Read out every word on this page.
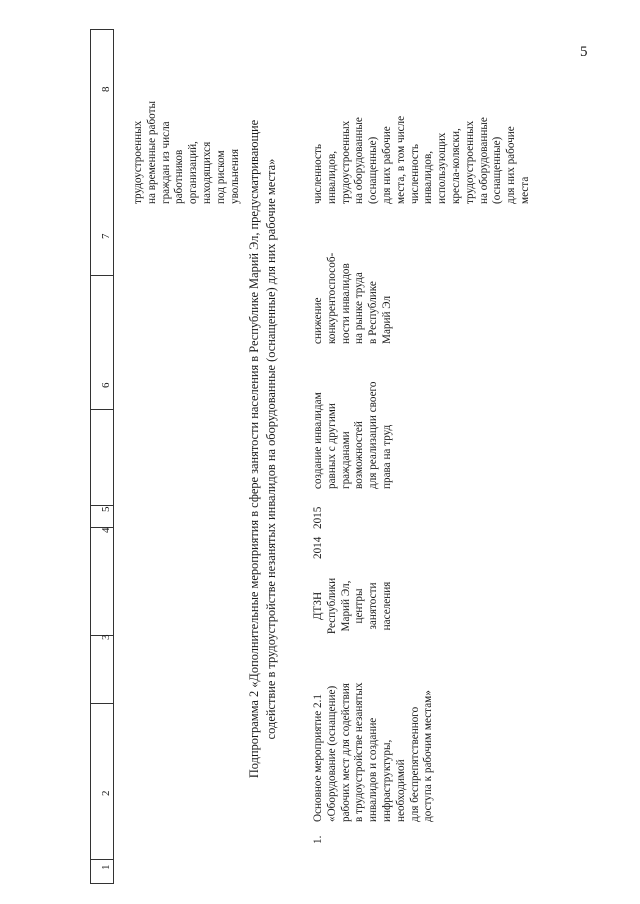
5
1
2
3
4
5
6
7
8
трудоустроенных на временные работы граждан из числа работников организаций, находящихся под риском увольнения Подпрограмма 2 «Дополнительные мероприятия в сфере занятости населения в Республике Марий Эл, предусматривающие содействие в трудоустройстве незанятых инвалидов на оборудованные (оснащенные) для них рабочие места»
1.
Основное мероприятие 2.1 «Оборудование (оснащение) рабочих мест для содействия в трудоустройстве незанятых инвалидов и создание инфраструктуры, необходимой для беспрепятственного доступа к рабочим местам»
ДТЗН Республики Марий Эл, центры занятости населения
2014
2015
создание инвалидам равных с другими гражданами возможностей для реализации своего права на труд
снижение конкурентоспособ- ности инвалидов на рынке труда в Республике Марий Эл
численность инвалидов, трудоустроенных на оборудованные (оснащенные) для них рабочие места, в том числе численность инвалидов, использующих кресла-коляски, трудоустроенных на оборудованные (оснащенные) для них рабочие места
